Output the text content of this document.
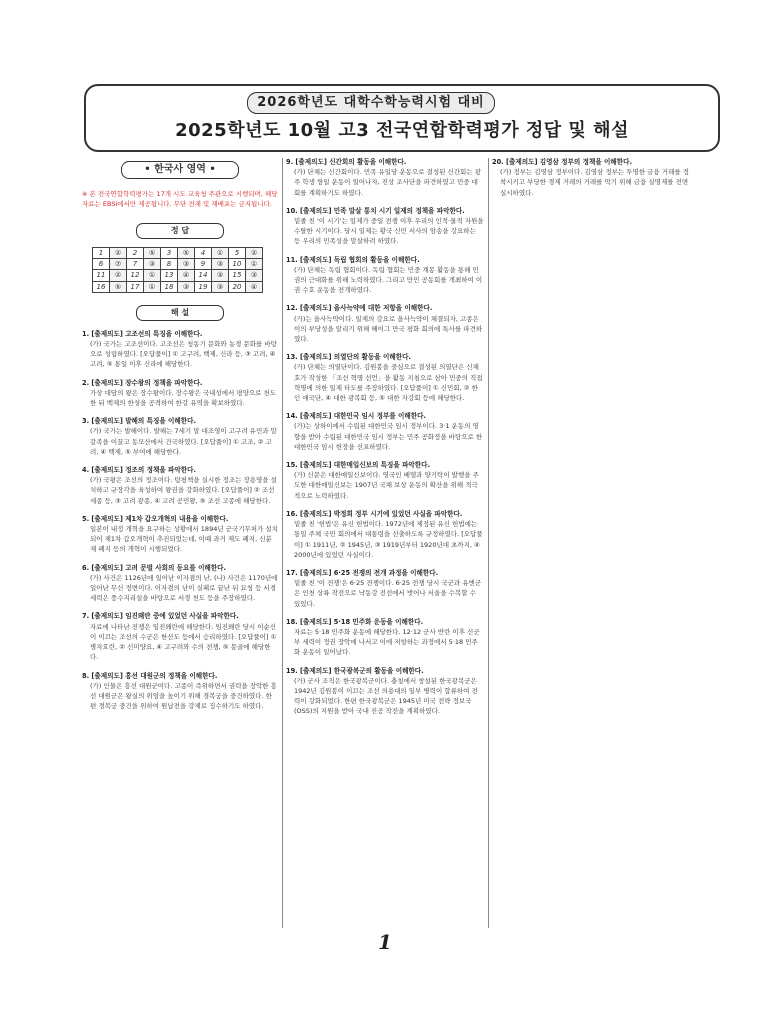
2026학년도 대학수학능력시험 대비
2025학년도 10월 고3 전국연합학력평가 정답 및 해설
• 한국사 영역 •
※ 본 전국연합학력평가는 17개 시도 교육청 주관으로 시행되며, 해당 자료는 EBSi에서만 제공됩니다. 무단 전재 및 재배포는 금지됩니다.
정 답
1	②	2	⑤	3	⑤	4	①	5	②
6	⑦	7	③	8	③	9	③	10	①
11	②	12	①	13	④	14	③	15	③
16	⑤	17	①	18	③	19	③	20	④
해 설
1. [출제의도] 고조선의 특징을 이해한다.
(가) 국가는 고조선이다. 고조선은 청동기 문화와 농경 문화를 바탕으로 성립하였다. [오답풀이] ① 고구려, 백제, 신라 등, ③ 고려, ④ 고려, ⑤ 통일 이후 신라에 해당한다.
2. [출제의도] 장수왕의 정책을 파악한다.
가상 대담의 왕은 장수왕이다. 장수왕은 국내성에서 평양으로 천도한 뒤 백제의 한성을 공격하여 한강 유역을 확보하였다.
3. [출제의도] 발해의 특징을 이해한다.
(가) 국가는 발해이다. 발해는 7세기 말 대조영이 고구려 유민과 말갈족을 이끌고 동모산에서 건국하였다. [오답풀이] ① 고조, ② 고려, ④ 백제, ⑤ 부여에 해당한다.
4. [출제의도] 정조의 정책을 파악한다.
(가) 국왕은 조선의 정조이다. 탕평책을 실시한 정조는 장용영을 설치하고 규장각을 육성하여 왕권을 강화하였다. [오답풀이] ② 조선 세종 등, ③ 고려 광종, ④ 고려 공민왕, ⑤ 조선 고종에 해당한다.
5. [출제의도] 제1차 갑오개혁의 내용을 이해한다.
일본이 내정 개혁을 요구하는 상황에서 1894년 군국기무처가 설치되어 제1차 갑오개혁이 추진되었는데, 이때 과거 제도 폐지, 신분제 폐지 등의 개혁이 시행되었다.
6. [출제의도] 고려 문벌 사회의 동요를 이해한다.
(가) 사건은 1126년에 일어난 이자겸의 난, (나) 사건은 1170년에 일어난 무신 정변이다. 이자겸의 난이 실패로 끝난 뒤 묘청 등 서경 세력은 풍수지리설을 바탕으로 서경 천도 등을 주장하였다.
7. [출제의도] 임진왜란 중에 있었던 사실을 파악한다.
자료에 나타난 전쟁은 임진왜란에 해당한다. 임진왜란 당시 이순신이 이끄는 조선의 수군은 한산도 등에서 승리하였다. [오답풀이] ① 병자호란, ② 신미양요, ④ 고구려와 수의 전쟁, ⑤ 몽골에 해당한다.
8. [출제의도] 흥선 대원군의 정책을 이해한다.
(가) 인물은 흥선 대원군이다. 고종이 즉위하면서 권력을 장악한 흥선 대원군은 왕실의 위엄을 높이기 위해 경복궁을 중건하였다. 한편 경복궁 중건을 위하여 원납전을 강제로 징수하기도 하였다.
9. [출제의도] 신간회의 활동을 이해한다.
(가) 단체는 신간회이다. 민족 유일당 운동으로 결성된 신간회는 광주 학생 항일 운동이 일어나자, 진상 조사단을 파견하였고 민중 대회를 계획하기도 하였다.
10. [출제의도] 민족 말살 통치 시기 일제의 정책을 파악한다.
밑줄 친 '이 시기'는 일제가 중일 전쟁 이후 우리의 인적·물적 자원을 수탈한 시기이다. 당시 일제는 황국 신민 서사의 암송을 강요하는 등 우리의 민족성을 말살하려 하였다.
11. [출제의도] 독립 협회의 활동을 이해한다.
(가) 단체는 독립 협회이다. 독립 협회는 민중 계몽 활동을 통해 민권의 근대화를 위해 노력하였다. 그리고 만민 공동회를 개최하여 이권 수호 운동을 전개하였다.
12. [출제의도] 을사늑약에 대한 저항을 이해한다.
(가)는 을사늑약이다. 일제의 강요로 을사늑약이 체결되자, 고종은 이의 부당성을 알리기 위해 헤이그 만국 평화 회의에 특사를 파견하였다.
13. [출제의도] 의열단의 활동을 이해한다.
(가) 단체는 의열단이다. 김원봉을 중심으로 결성된 의열단은 신채호가 작성한 「조선 혁명 선언」을 활동 지침으로 삼아 민중의 직접 혁명에 의한 일제 타도를 주장하였다. [오답풀이] ① 신민회, ② 한인 애국단, ④ 대한 광복회 등, ⑤ 대한 자강회 등에 해당한다.
14. [출제의도] 대한민국 임시 정부를 이해한다.
(가)는 상하이에서 수립된 대한민국 임시 정부이다. 3·1 운동의 영향을 받아 수립된 대한민국 임시 정부는 민주 공화정을 바탕으로 한 대한민국 임시 헌장을 선포하였다.
15. [출제의도] 대한매일신보의 특징을 파악한다.
(가) 신문은 대한매일신보이다. 영국인 베델과 양기탁이 발행을 주도한 대한매일신보는 1907년 국채 보상 운동의 확산을 위해 적극적으로 노력하였다.
16. [출제의도] 박정희 정부 시기에 있었던 사실을 파악한다.
밑줄 친 '헌법'은 유신 헌법이다. 1972년에 제정된 유신 헌법에는 통일 주체 국민 회의에서 대통령을 선출하도록 규정하였다. [오답풀이] ① 1911년, ② 1945년, ③ 1919년부터 1920년대 초까지, ④ 2000년에 있었던 사실이다.
17. [출제의도] 6·25 전쟁의 전개 과정을 이해한다.
밑줄 친 '이 전쟁'은 6·25 전쟁이다. 6·25 전쟁 당시 국군과 유엔군은 인천 상륙 작전으로 낙동강 전선에서 벗어나 서울을 수복할 수 있었다.
18. [출제의도] 5·18 민주화 운동을 이해한다.
자료는 5·18 민주화 운동에 해당한다. 12·12 군사 반란 이후 신군부 세력이 정권 장악에 나서고 이에 저항하는 과정에서 5·18 민주화 운동이 일어났다.
19. [출제의도] 한국광복군의 활동을 이해한다.
(가) 군사 조직은 한국광복군이다. 충칭에서 창설된 한국광복군은 1942년 김원봉이 이끄는 조선 의용대의 일부 병력이 합류하여 전력이 강화되었다. 한편 한국광복군은 1945년 미국 전략 정보국(OSS)의 지원을 받아 국내 진공 작전을 계획하였다.
20. [출제의도] 김영삼 정부의 정책을 이해한다.
(가) 정부는 김영삼 정부이다. 김영삼 정부는 투명한 금융 거래를 정착시키고 부당한 경제 거래의 거래를 막기 위해 금융 실명제를 전면 실시하였다.
1
